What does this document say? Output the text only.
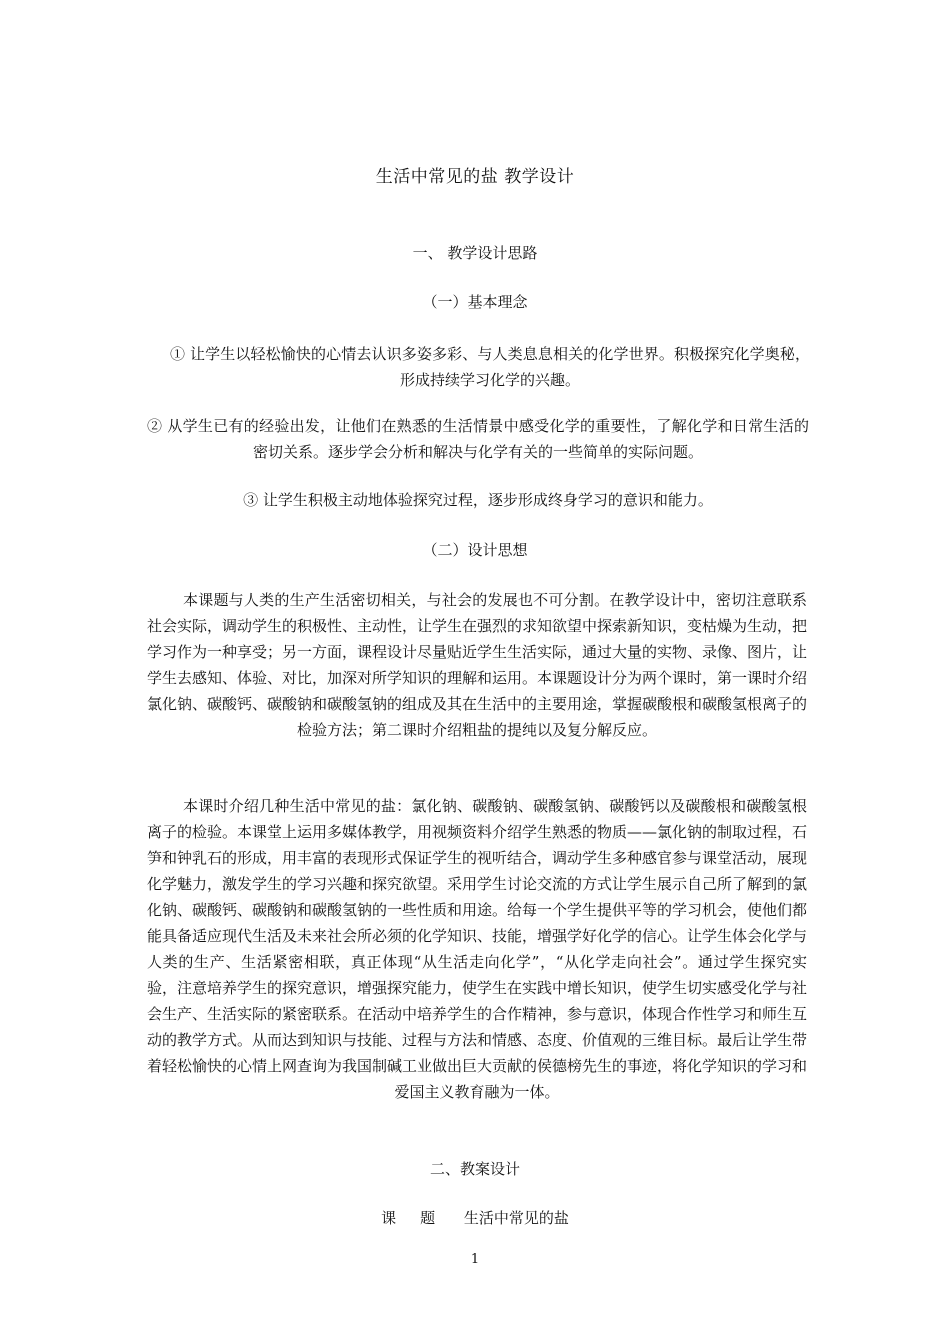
生活中常见的盐 教学设计
一、 教学设计思路
（一）基本理念
① 让学生以轻松愉快的心情去认识多姿多彩、与人类息息相关的化学世界。积极探究化学奥秘，形成持续学习化学的兴趣。
② 从学生已有的经验出发，让他们在熟悉的生活情景中感受化学的重要性，了解化学和日常生活的密切关系。逐步学会分析和解决与化学有关的一些简单的实际问题。
③ 让学生积极主动地体验探究过程，逐步形成终身学习的意识和能力。
（二）设计思想
本课题与人类的生产生活密切相关，与社会的发展也不可分割。在教学设计中，密切注意联系社会实际，调动学生的积极性、主动性，让学生在强烈的求知欲望中探索新知识，变枯燥为生动，把学习作为一种享受；另一方面，课程设计尽量贴近学生生活实际，通过大量的实物、录像、图片，让学生去感知、体验、对比，加深对所学知识的理解和运用。本课题设计分为两个课时，第一课时介绍氯化钠、碳酸钙、碳酸钠和碳酸氢钠的组成及其在生活中的主要用途，掌握碳酸根和碳酸氢根离子的检验方法；第二课时介绍粗盐的提纯以及复分解反应。
本课时介绍几种生活中常见的盐：氯化钠、碳酸钠、碳酸氢钠、碳酸钙以及碳酸根和碳酸氢根离子的检验。本课堂上运用多媒体教学，用视频资料介绍学生熟悉的物质——氯化钠的制取过程，石笋和钟乳石的形成，用丰富的表现形式保证学生的视听结合，调动学生多种感官参与课堂活动，展现化学魅力，激发学生的学习兴趣和探究欲望。采用学生讨论交流的方式让学生展示自己所了解到的氯化钠、碳酸钙、碳酸钠和碳酸氢钠的一些性质和用途。给每一个学生提供平等的学习机会，使他们都能具备适应现代生活及未来社会所必须的化学知识、技能，增强学好化学的信心。让学生体会化学与人类的生产、生活紧密相联，真正体现“从生活走向化学”，“从化学走向社会”。通过学生探究实验，注意培养学生的探究意识，增强探究能力，使学生在实践中增长知识，使学生切实感受化学与社会生产、生活实际的紧密联系。在活动中培养学生的合作精神，参与意识，体现合作性学习和师生互动的教学方式。从而达到知识与技能、过程与方法和情感、态度、价值观的三维目标。最后让学生带着轻松愉快的心情上网查询为我国制碱工业做出巨大贡献的侯德榜先生的事迹，将化学知识的学习和爱国主义教育融为一体。
二、教案设计
课题 生活中常见的盐
1
